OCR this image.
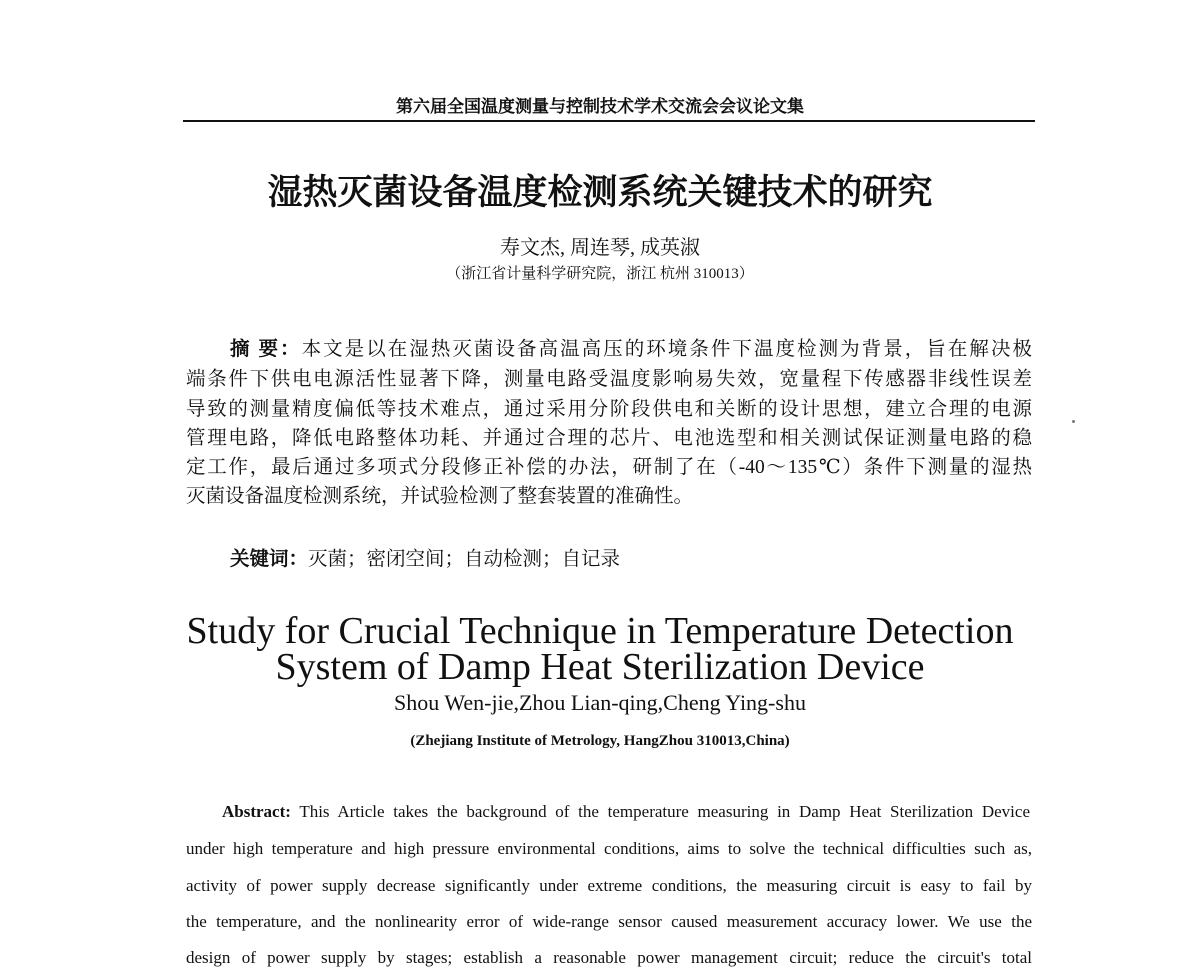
第六届全国温度测量与控制技术学术交流会会议论文集
湿热灭菌设备温度检测系统关键技术的研究
寿文杰, 周连琴, 成英淑
（浙江省计量科学研究院，浙江 杭州 310013）
摘 要：本文是以在湿热灭菌设备高温高压的环境条件下温度检测为背景，旨在解决极
端条件下供电电源活性显著下降，测量电路受温度影响易失效，宽量程下传感器非线性误差
导致的测量精度偏低等技术难点，通过采用分阶段供电和关断的设计思想，建立合理的电源
管理电路，降低电路整体功耗、并通过合理的芯片、电池选型和相关测试保证测量电路的稳
定工作，最后通过多项式分段修正补偿的办法，研制了在（-40～135℃）条件下测量的湿热
灭菌设备温度检测系统，并试验检测了整套装置的准确性。
关键词：灭菌；密闭空间；自动检测；自记录
Study for Crucial Technique in Temperature Detection
System of Damp Heat Sterilization Device
Shou Wen-jie,Zhou Lian-qing,Cheng Ying-shu
(Zhejiang Institute of Metrology, HangZhou 310013,China)
Abstract: This Article takes the background of the temperature measuring in Damp Heat Sterilization Device
under high temperature and high pressure environmental conditions, aims to solve the technical difficulties such as,
activity of power supply decrease significantly under extreme conditions, the measuring circuit is easy to fail by
the temperature, and the nonlinearity error of wide-range sensor caused measurement accuracy lower. We use the
design of power supply by stages; establish a reasonable power management circuit; reduce the circuit's total
